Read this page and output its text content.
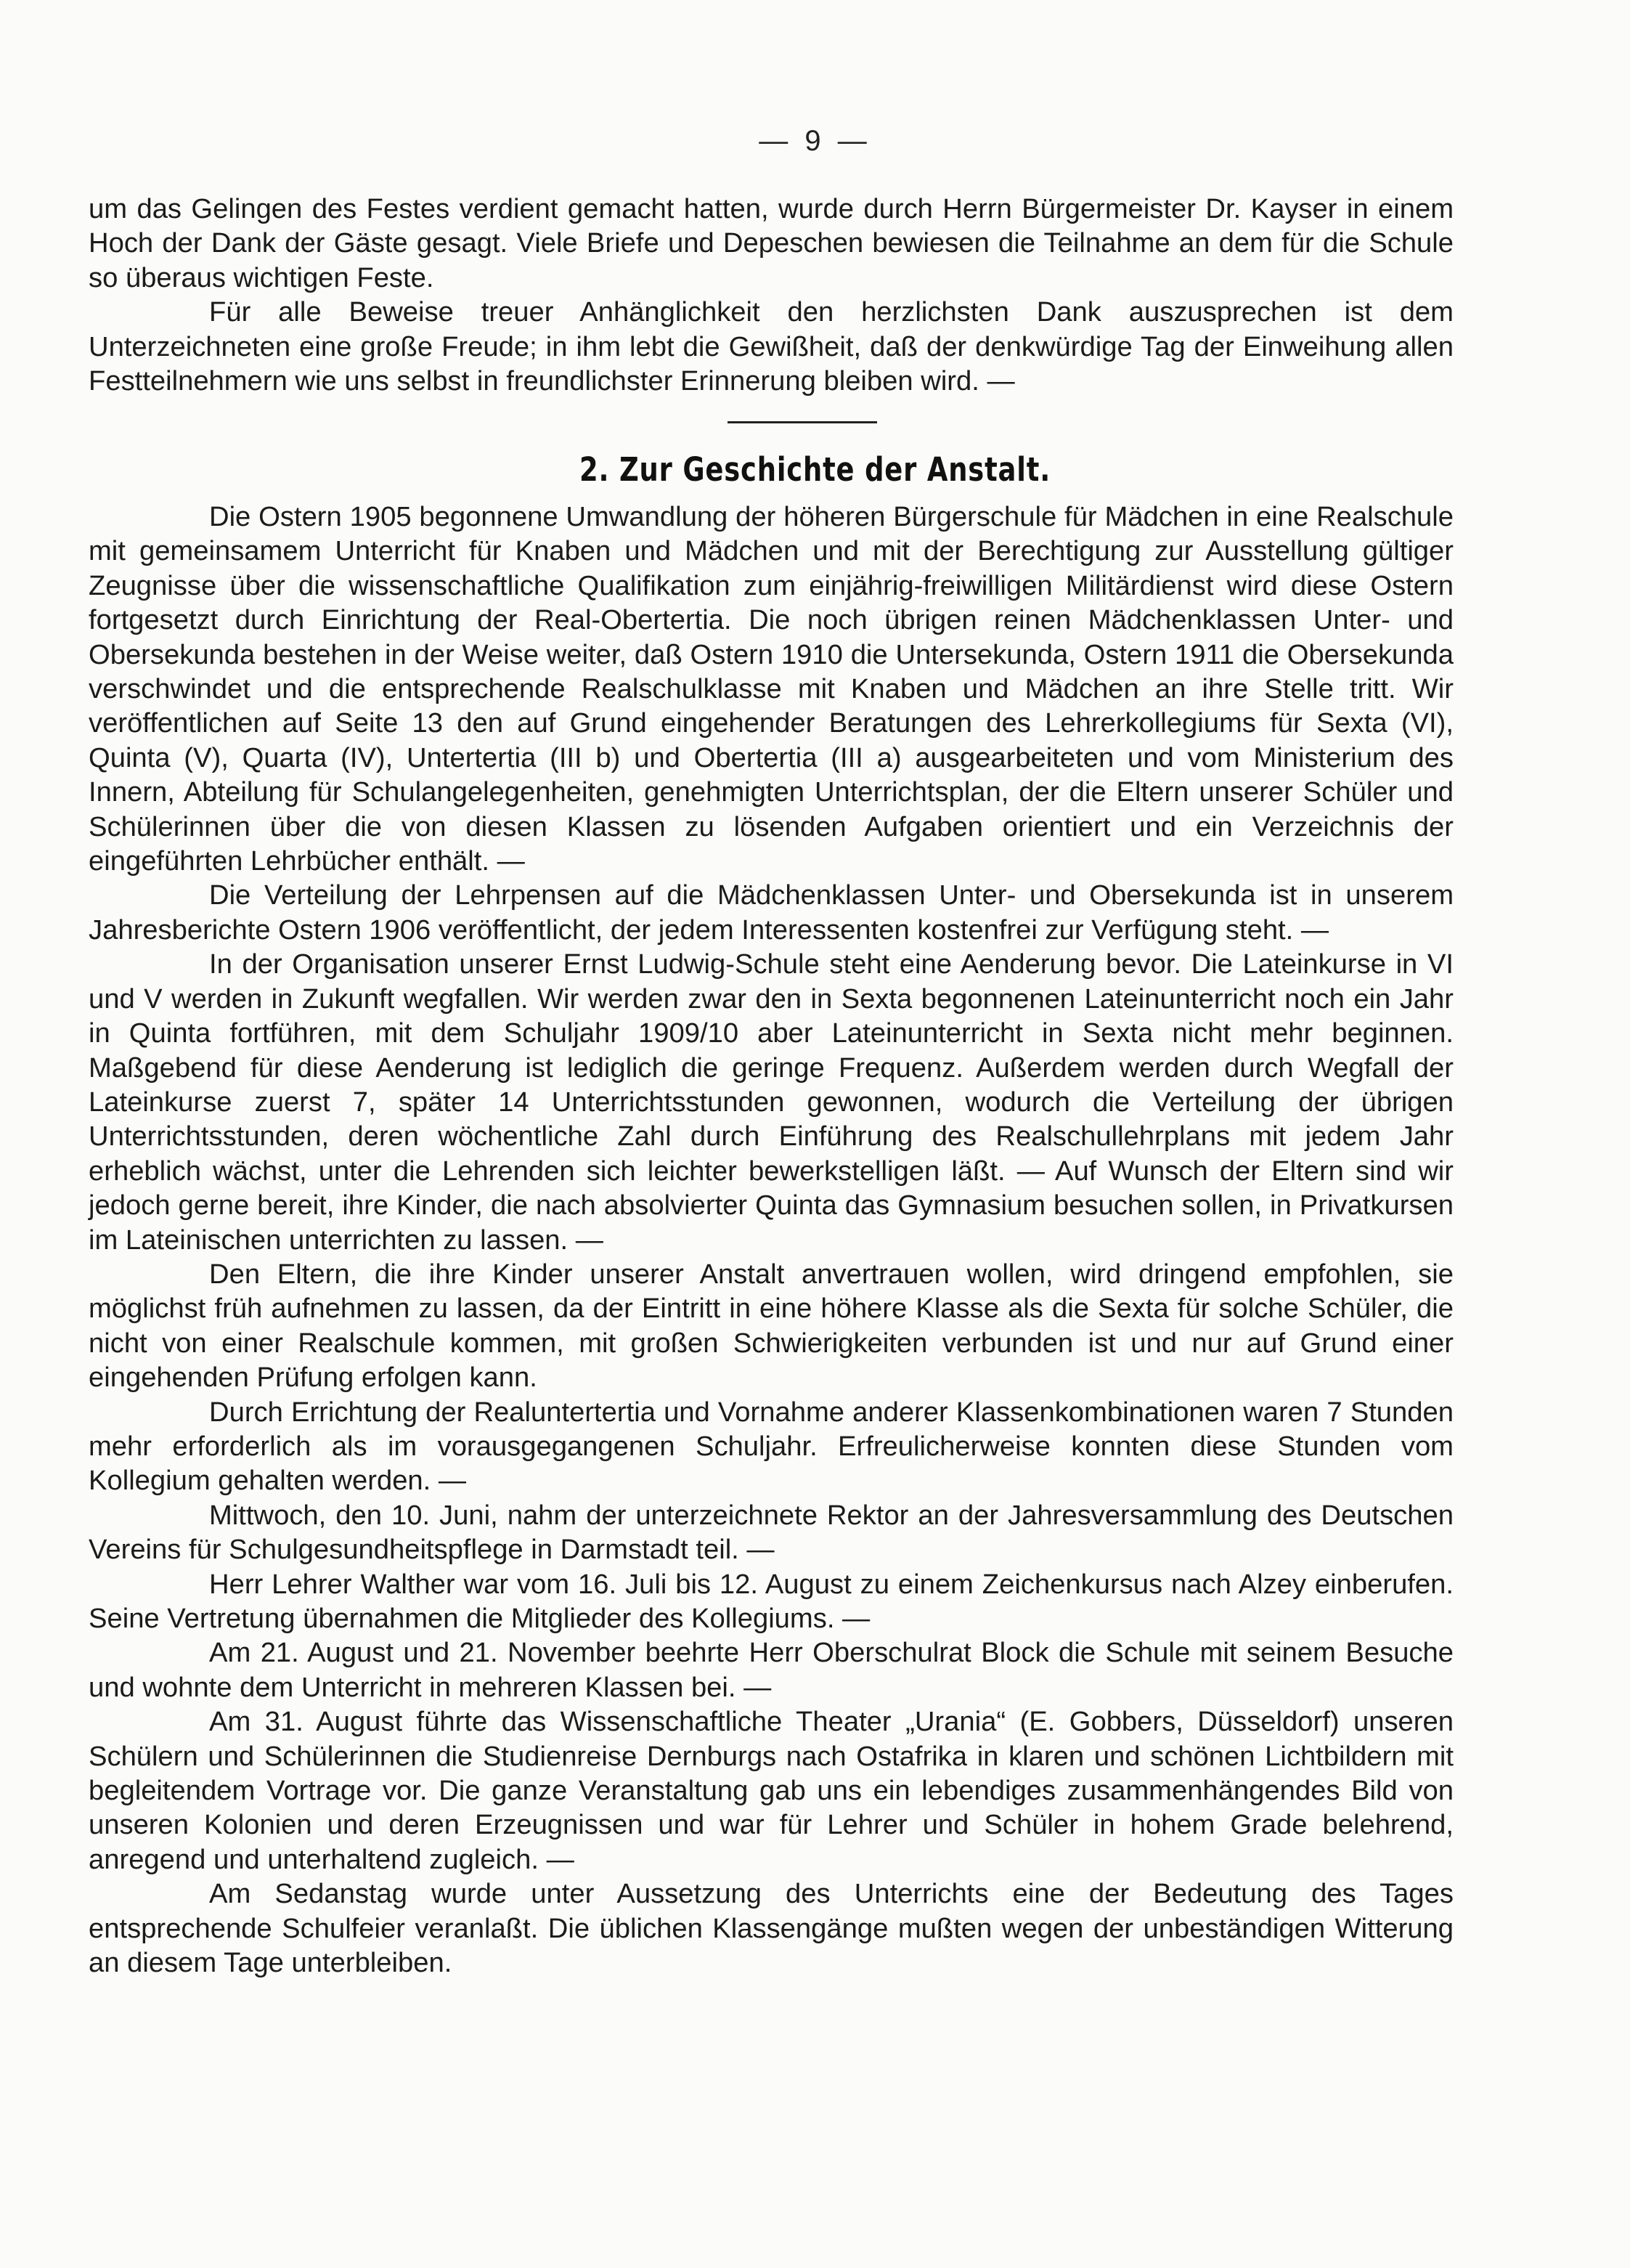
— 9 —

um das Gelingen des Festes verdient gemacht hatten, wurde durch Herrn Bürgermeister Dr. Kayser in einem Hoch der Dank der Gäste gesagt. Viele Briefe und Depeschen bewiesen die Teilnahme an dem für die Schule so überaus wichtigen Feste.

Für alle Beweise treuer Anhänglichkeit den herzlichsten Dank auszusprechen ist dem Unterzeichneten eine große Freude; in ihm lebt die Gewißheit, daß der denkwürdige Tag der Einweihung allen Festteilnehmern wie uns selbst in freundlichster Erinnerung bleiben wird. —

2. Zur Geschichte der Anstalt.

Die Ostern 1905 begonnene Umwandlung der höheren Bürgerschule für Mädchen in eine Realschule mit gemeinsamem Unterricht für Knaben und Mädchen und mit der Berechtigung zur Ausstellung gültiger Zeugnisse über die wissenschaftliche Qualifikation zum einjährig-freiwilligen Militärdienst wird diese Ostern fortgesetzt durch Einrichtung der Real-Obertertia. Die noch übrigen reinen Mädchenklassen Unter- und Obersekunda bestehen in der Weise weiter, daß Ostern 1910 die Untersekunda, Ostern 1911 die Obersekunda verschwindet und die entsprechende Realschulklasse mit Knaben und Mädchen an ihre Stelle tritt. Wir veröffentlichen auf Seite 13 den auf Grund eingehender Beratungen des Lehrerkollegiums für Sexta (VI), Quinta (V), Quarta (IV), Untertertia (III b) und Obertertia (III a) ausgearbeiteten und vom Ministerium des Innern, Abteilung für Schulangelegenheiten, genehmigten Unterrichtsplan, der die Eltern unserer Schüler und Schülerinnen über die von diesen Klassen zu lösenden Aufgaben orientiert und ein Verzeichnis der eingeführten Lehrbücher enthält. —

Die Verteilung der Lehrpensen auf die Mädchenklassen Unter- und Obersekunda ist in unserem Jahresberichte Ostern 1906 veröffentlicht, der jedem Interessenten kostenfrei zur Verfügung steht. —

In der Organisation unserer Ernst Ludwig-Schule steht eine Aenderung bevor. Die Lateinkurse in VI und V werden in Zukunft wegfallen. Wir werden zwar den in Sexta begonnenen Lateinunterricht noch ein Jahr in Quinta fortführen, mit dem Schuljahr 1909/10 aber Lateinunterricht in Sexta nicht mehr beginnen. Maßgebend für diese Aenderung ist lediglich die geringe Frequenz. Außerdem werden durch Wegfall der Lateinkurse zuerst 7, später 14 Unterrichtsstunden gewonnen, wodurch die Verteilung der übrigen Unterrichtsstunden, deren wöchentliche Zahl durch Einführung des Realschullehrplans mit jedem Jahr erheblich wächst, unter die Lehrenden sich leichter bewerkstelligen läßt. — Auf Wunsch der Eltern sind wir jedoch gerne bereit, ihre Kinder, die nach absolvierter Quinta das Gymnasium besuchen sollen, in Privatkursen im Lateinischen unterrichten zu lassen. —

Den Eltern, die ihre Kinder unserer Anstalt anvertrauen wollen, wird dringend empfohlen, sie möglichst früh aufnehmen zu lassen, da der Eintritt in eine höhere Klasse als die Sexta für solche Schüler, die nicht von einer Realschule kommen, mit großen Schwierigkeiten verbunden ist und nur auf Grund einer eingehenden Prüfung erfolgen kann.

Durch Errichtung der Realuntertertia und Vornahme anderer Klassenkombinationen waren 7 Stunden mehr erforderlich als im vorausgegangenen Schuljahr. Erfreulicherweise konnten diese Stunden vom Kollegium gehalten werden. —

Mittwoch, den 10. Juni, nahm der unterzeichnete Rektor an der Jahresversammlung des Deutschen Vereins für Schulgesundheitspflege in Darmstadt teil. —

Herr Lehrer Walther war vom 16. Juli bis 12. August zu einem Zeichenkursus nach Alzey einberufen. Seine Vertretung übernahmen die Mitglieder des Kollegiums. —

Am 21. August und 21. November beehrte Herr Oberschulrat Block die Schule mit seinem Besuche und wohnte dem Unterricht in mehreren Klassen bei. —

Am 31. August führte das Wissenschaftliche Theater „Urania“ (E. Gobbers, Düsseldorf) unseren Schülern und Schülerinnen die Studienreise Dernburgs nach Ostafrika in klaren und schönen Lichtbildern mit begleitendem Vortrage vor. Die ganze Veranstaltung gab uns ein lebendiges zusammenhängendes Bild von unseren Kolonien und deren Erzeugnissen und war für Lehrer und Schüler in hohem Grade belehrend, anregend und unterhaltend zugleich. —

Am Sedanstag wurde unter Aussetzung des Unterrichts eine der Bedeutung des Tages entsprechende Schulfeier veranlaßt. Die üblichen Klassengänge mußten wegen der unbeständigen Witterung an diesem Tage unterbleiben.
